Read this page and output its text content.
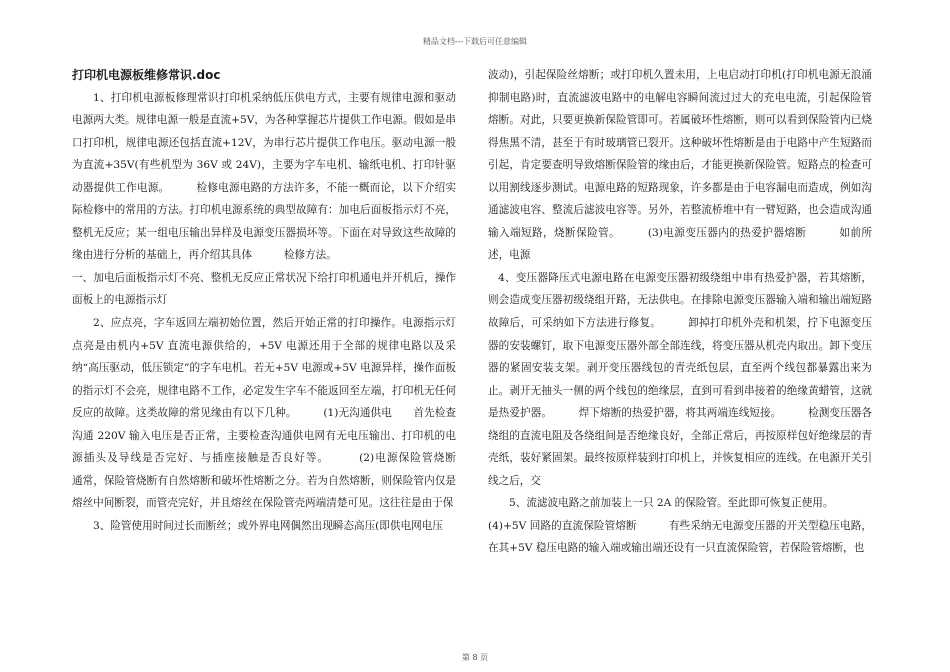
精品文档---下载后可任意编辑

打印机电源板维修常识.doc

1、打印机电源板修理常识打印机采纳低压供电方式，主要有规律电源和驱动电源两大类。规律电源一般是直流+5V，为各种掌握芯片提供工作电源。假如是串口打印机，规律电源还包括直流+12V，为串行芯片提供工作电压。驱动电源一般为直流+35V(有些机型为 36V 或 24V)，主要为字车电机、输纸电机、打印针驱动器提供工作电源。　　　检修电源电路的方法许多，不能一概而论，以下介绍实际检修中的常用的方法。打印机电源系统的典型故障有：加电后面板指示灯不亮，整机无反应；某一组电压输出异样及电源变压器损坏等。下面在对导致这些故障的缘由进行分析的基础上，再介绍其具体　　　检修方法。

一、加电后面板指示灯不亮、整机无反应正常状况下给打印机通电并开机后，操作面板上的电源指示灯

2、应点亮，字车返回左端初始位置，然后开始正常的打印操作。电源指示灯点亮是由机内+5V 直流电源供给的，+5V 电源还用于全部的规律电路以及采纳“高压驱动，低压锁定”的字车电机。若无+5V 电源或+5V 电源异样，操作面板的指示灯不会亮，规律电路不工作，必定发生字车不能返回至左端，打印机无任何反应的故障。这类故障的常见缘由有以下几种。　　　(1)无沟通供电　　首先检查沟通 220V 输入电压是否正常，主要检查沟通供电网有无电压输出、打印机的电源插头及导线是否完好、与插座接触是否良好等。　　　(2)电源保险管烧断　　　通常，保险管烧断有自然熔断和破坏性熔断之分。若为自然熔断，则保险管内仅是熔丝中间断裂，而管壳完好，并且熔丝在保险管壳两端清楚可见。这往往是由于保

3、险管使用时间过长而断丝；或外界电网偶然出现瞬态高压(即供电网电压

波动)，引起保险丝熔断；或打印机久置未用，上电启动打印机(打印机电源无浪涌抑制电路)时，直流滤波电路中的电解电容瞬间流过过大的充电电流，引起保险管熔断。对此，只要更换新保险管即可。若属破坏性熔断，则可以看到保险管内已烧得焦黑不清，甚至于有时玻璃管已裂开。这种破坏性熔断是由于电路中产生短路而引起，肯定要查明导致熔断保险管的缘由后，才能更换新保险管。短路点的检查可以用割线逐步测试。电源电路的短路现象，许多都是由于电容漏电而造成，例如沟通滤波电容、整流后滤波电容等。另外，若整流桥堆中有一臂短路，也会造成沟通输入端短路，烧断保险管。　　　(3)电源变压器内的热爱护器熔断　　　如前所述，电源

4、变压器降压式电源电路在电源变压器初级绕组中串有热爱护器，若其熔断，则会造成变压器初级绕组开路，无法供电。在排除电源变压器输入端和输出端短路故障后，可采纳如下方法进行修复。　　　卸掉打印机外壳和机架，拧下电源变压器的安装螺钉，取下电源变压器外部全部连线，将变压器从机壳内取出。卸下变压器的紧固安装支架。剥开变压器线包的青壳纸包层，直至两个线包都暴露出来为止。剥开无抽头一侧的两个线包的绝缘层，直到可看到串接着的绝缘黄蜡管，这就是热爱护器。　　　焊下熔断的热爱护器，将其两端连线短接。　　　检测变压器各绕组的直流电阻及各绕组间是否绝缘良好，全部正常后，再按原样包好绝缘层的青壳纸，装好紧固架。最终按原样装到打印机上，并恢复相应的连线。在电源开关引线之后，交

5、流滤波电路之前加装上一只 2A 的保险管。至此即可恢复正使用。

(4)+5V 回路的直流保险管熔断　　　有些采纳无电源变压器的开关型稳压电路，在其+5V 稳压电路的输入端或输出端还设有一只直流保险管，若保险管熔断，也

第 8 页
